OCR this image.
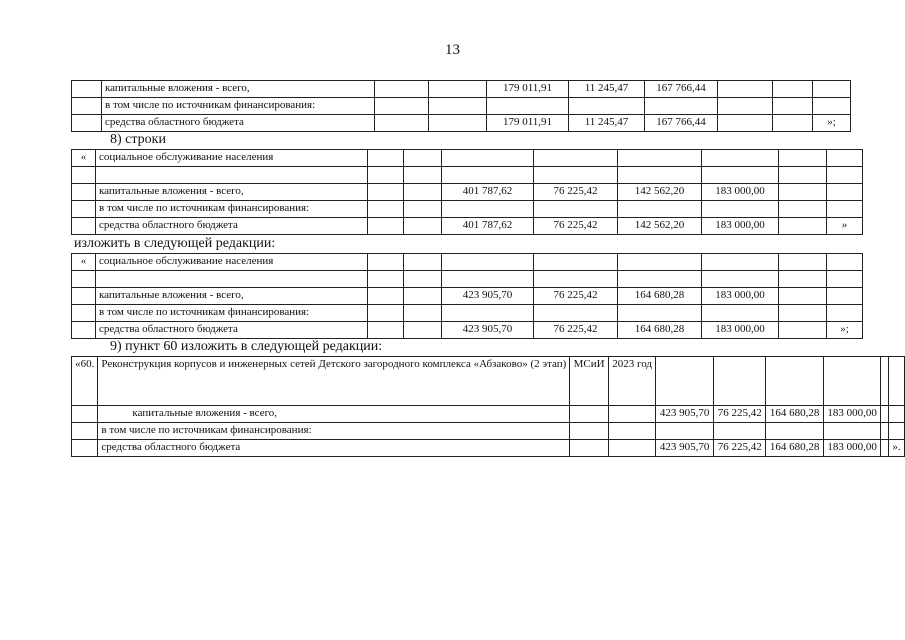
13
	капитальные вложения - всего,			179 011,91	11 245,47	167 766,44			
	в том числе по источникам финансирования:								
	средства областного бюджета			179 011,91	11 245,47	167 766,44			»;
8) строки
«	социальное обслуживание населения								

	капитальные вложения - всего,			401 787,62	76 225,42	142 562,20	183 000,00		
	в том числе по источникам финансирования:								
	средства областного бюджета			401 787,62	76 225,42	142 562,20	183 000,00		»
изложить в следующей редакции:
«	социальное обслуживание населения								

	капитальные вложения - всего,			423 905,70	76 225,42	164 680,28	183 000,00		
	в том числе по источникам финансирования:								
	средства областного бюджета			423 905,70	76 225,42	164 680,28	183 000,00		»;
9) пункт 60 изложить в следующей редакции:
«60.	Реконструкция корпусов и инженерных сетей Детского загородного комплекса «Абзаково» (2 этап)	МСиИ	2023 год						
	капитальные вложения - всего,			423 905,70	76 225,42	164 680,28	183 000,00		
	в том числе по источникам финансирования:								
	средства областного бюджета			423 905,70	76 225,42	164 680,28	183 000,00		».
